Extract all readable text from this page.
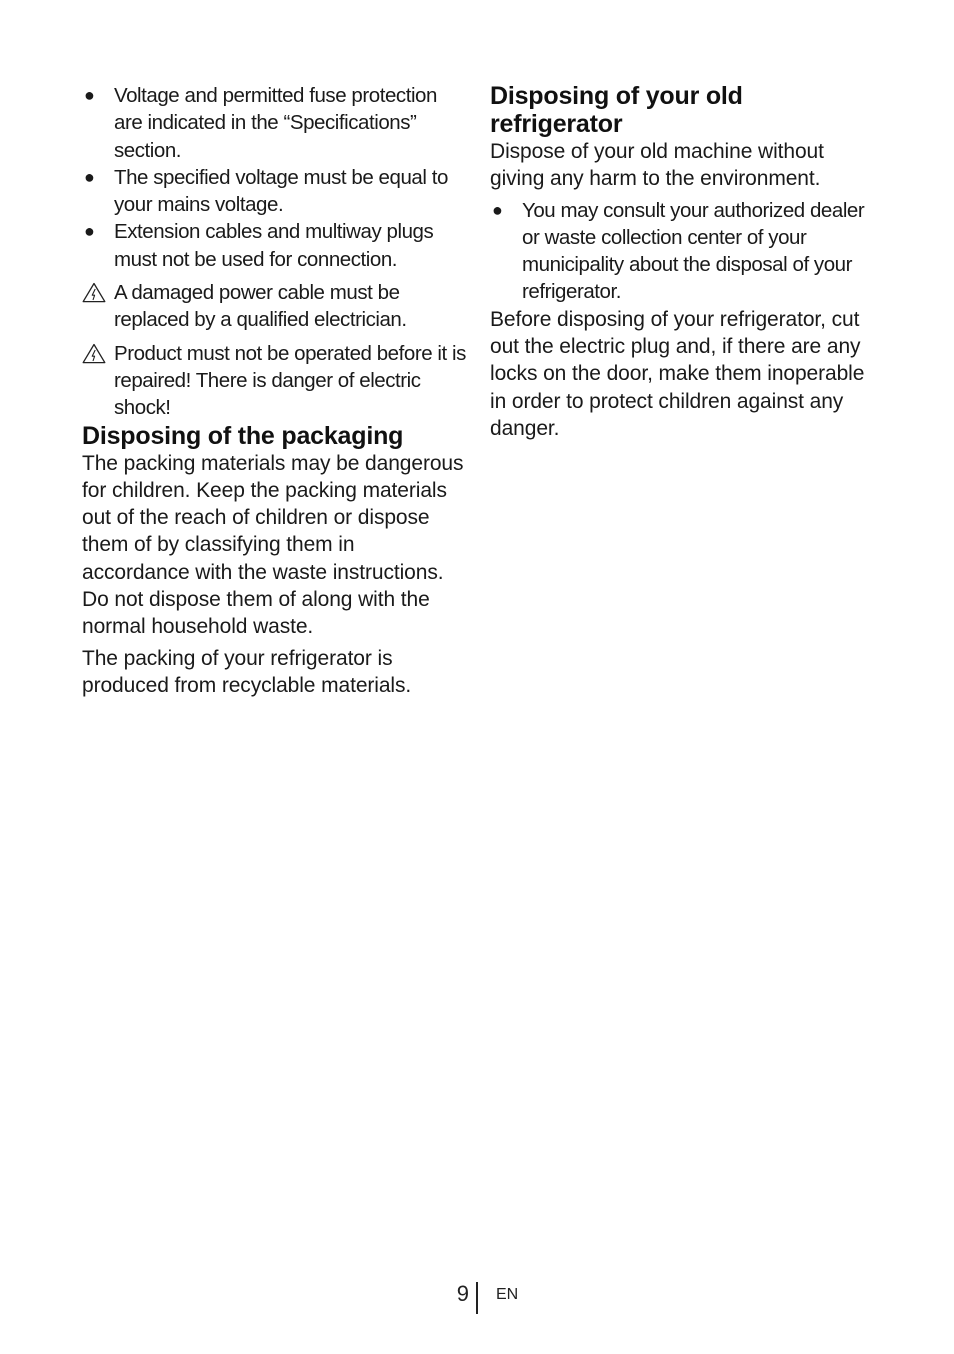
● Voltage and permitted fuse protection are indicated in the “Specifications” section.
● The specified voltage must be equal to your mains voltage.
● Extension cables and multiway plugs must not be used for connection.
A damaged power cable must be replaced by a qualified electrician.
Product must not be operated before it is repaired! There is danger of electric shock!
Disposing of the packaging

The packing materials may be dangerous for children. Keep the packing materials out of the reach of children or dispose them of by classifying them in accordance with the waste instructions. Do not dispose them of along with the normal household waste.

The packing of your refrigerator is produced from recyclable materials.

Disposing of your old refrigerator

Dispose of your old machine without giving any harm to the environment.

● You may consult your authorized dealer or waste collection center of your municipality about the disposal of your refrigerator.

Before disposing of your refrigerator, cut out the electric plug and, if there are any locks on the door, make them inoperable in order to protect children against any danger.

9 EN
